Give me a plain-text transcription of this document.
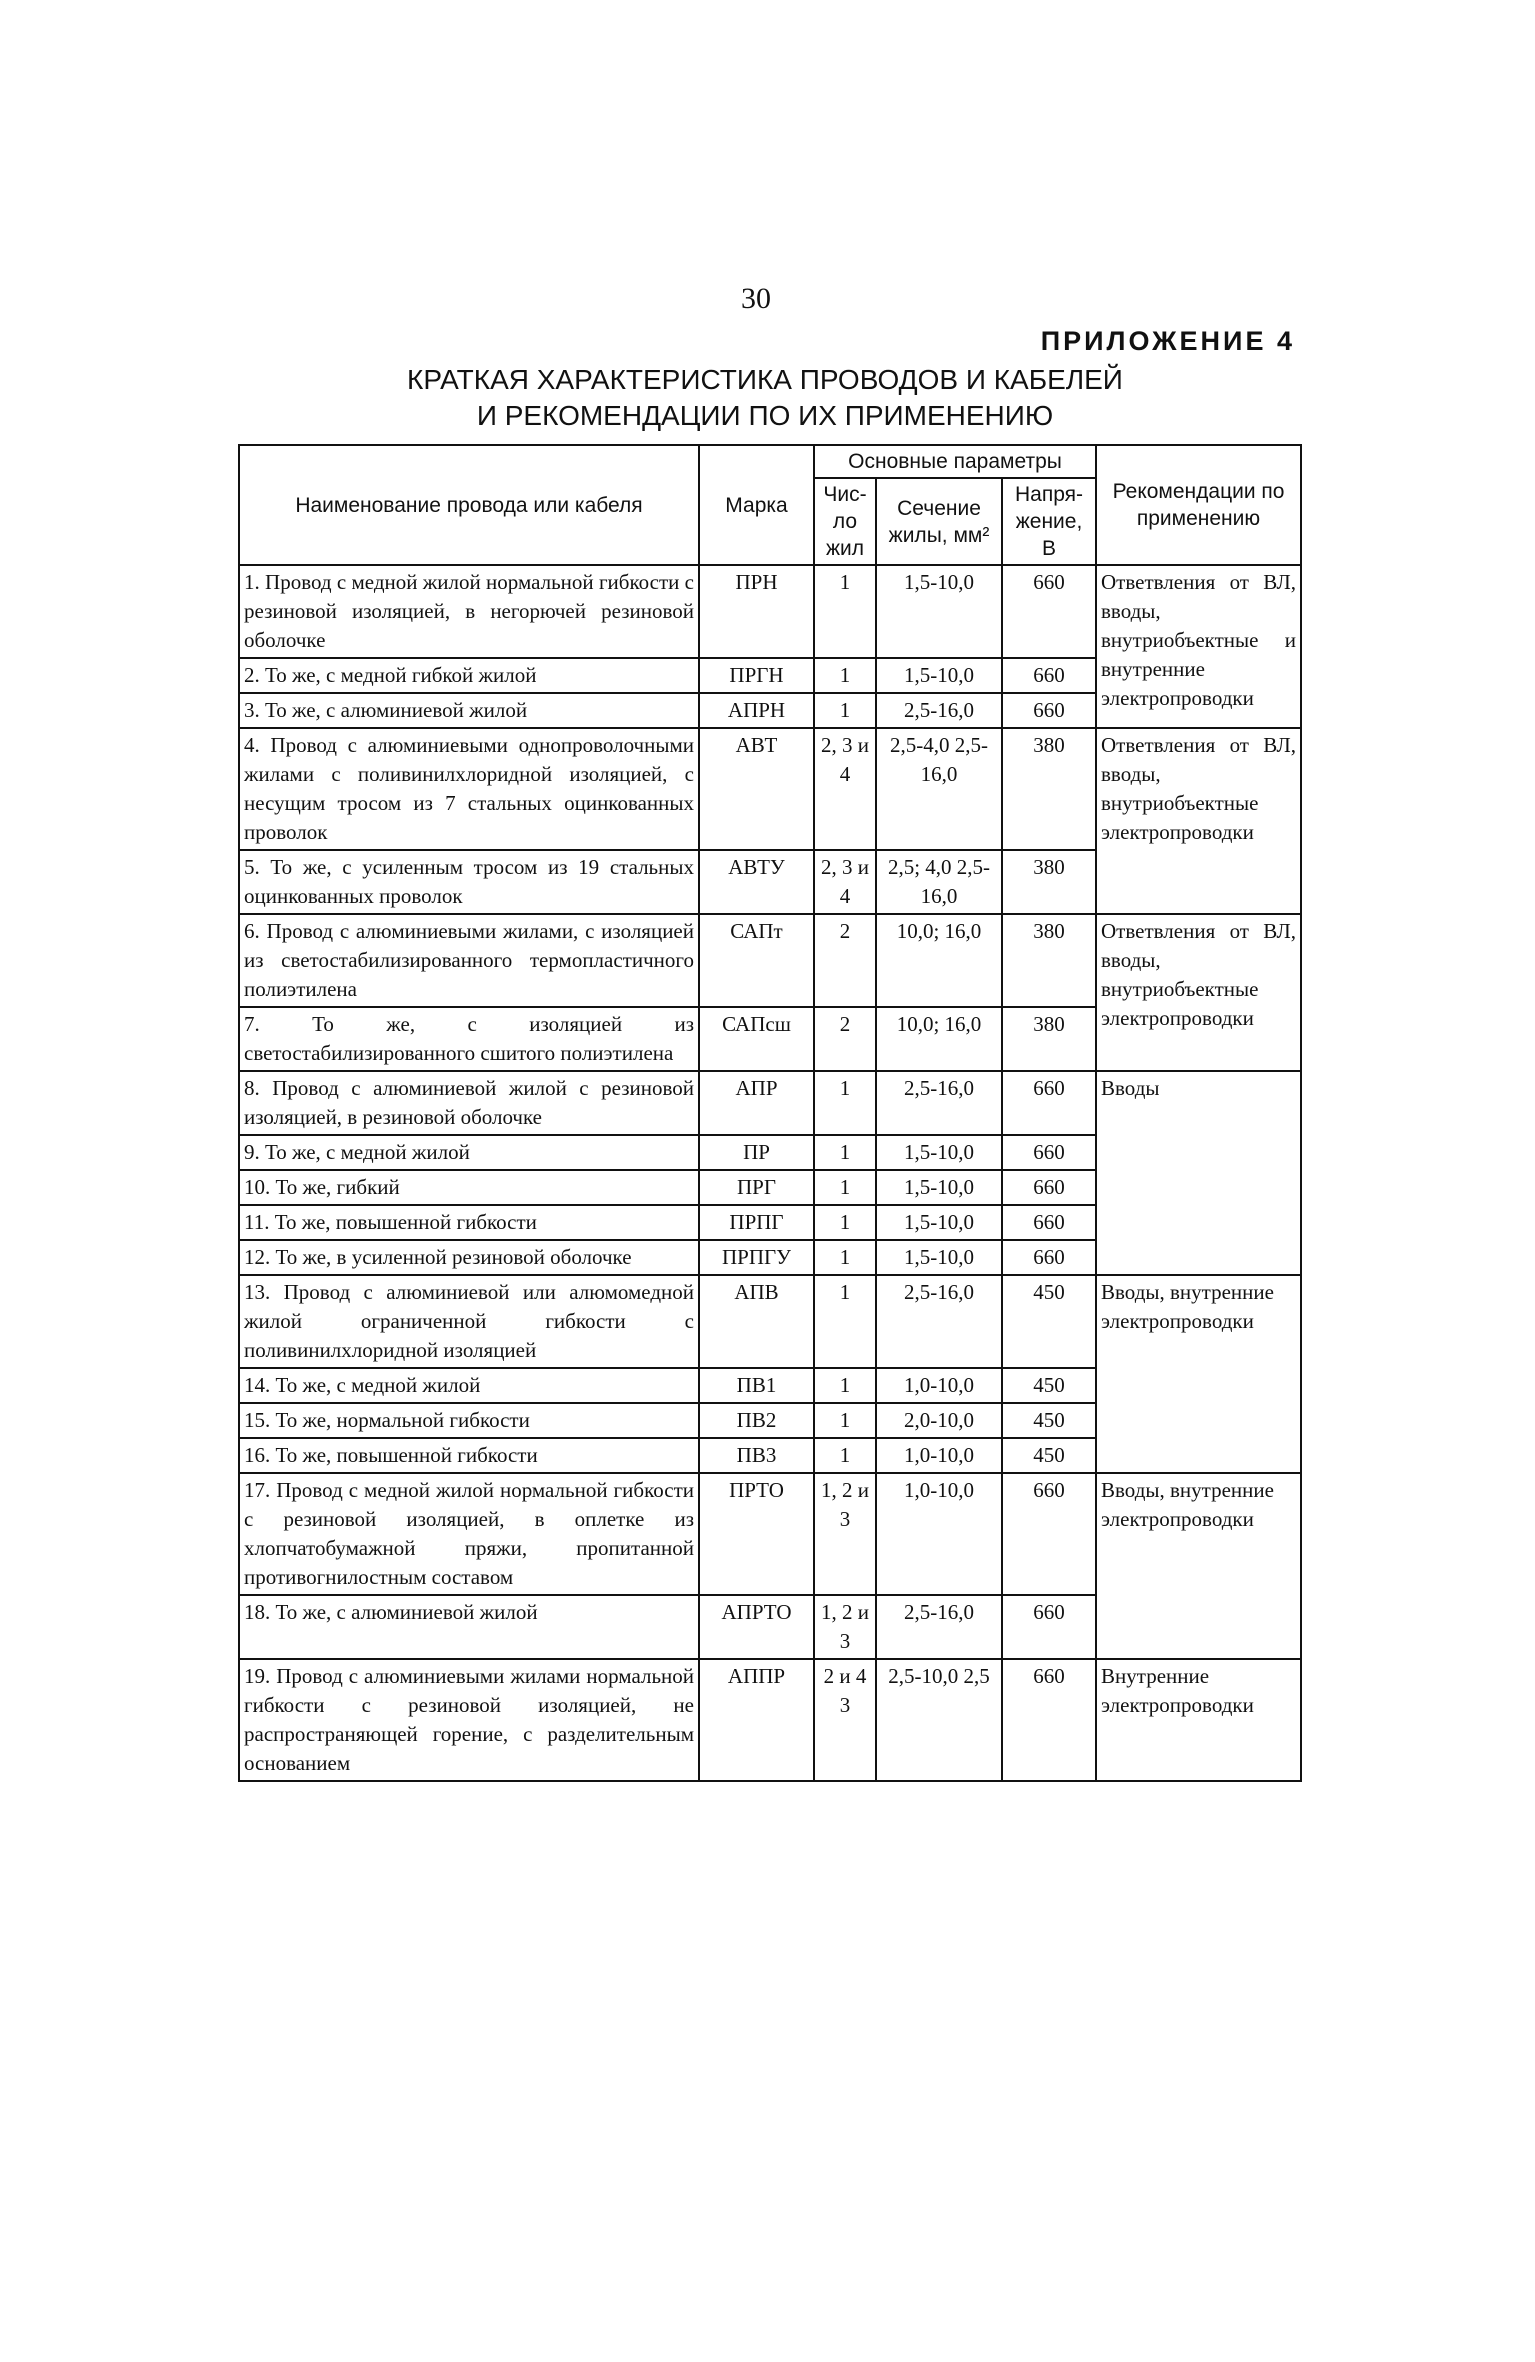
30
ПРИЛОЖЕНИЕ 4
КРАТКАЯ ХАРАКТЕРИСТИКА ПРОВОДОВ И КАБЕЛЕЙ
И РЕКОМЕНДАЦИИ ПО ИХ ПРИМЕНЕНИЮ
Наименование провода или кабеля	Марка	Основные параметры			Рекомендации по применению
		Чис-ло жил	Сечение жилы, мм²	Напря-жение, В	
1. Провод с медной жилой нормальной гибкости с резиновой изоляцией, в негорючей резиновой оболочке	ПРН	1	1,5-10,0	660	Ответвления от ВЛ, вводы, внутриобъектные и внутренние электропроводки
2. То же, с медной гибкой жилой	ПРГН	1	1,5-10,0	660	
3. То же, с алюминиевой жилой	АПРН	1	2,5-16,0	660	
4. Провод с алюминиевыми однопроволочными жилами с поливинилхлоридной изоляцией, с несущим тросом из 7 стальных оцинкованных проволок	АВТ	2, 3 и 4	2,5-4,0 2,5-16,0	380	Ответвления от ВЛ, вводы, внутриобъектные электропроводки
5. То же, с усиленным тросом из 19 стальных оцинкованных проволок	АВТУ	2, 3 и 4	2,5; 4,0 2,5-16,0	380	
6. Провод с алюминиевыми жилами, с изоляцией из светостабилизированного термопластичного полиэтилена	САПт	2	10,0; 16,0	380	Ответвления от ВЛ, вводы, внутриобъектные электропроводки
7. То же, с изоляцией из светостабилизированного сшитого полиэтилена	САПсш	2	10,0; 16,0	380	
8. Провод с алюминиевой жилой с резиновой изоляцией, в резиновой оболочке	АПР	1	2,5-16,0	660	Вводы
9. То же, с медной жилой	ПР	1	1,5-10,0	660	
10. То же, гибкий	ПРГ	1	1,5-10,0	660	
11. То же, повышенной гибкости	ПРПГ	1	1,5-10,0	660	
12. То же, в усиленной резиновой оболочке	ПРПГУ	1	1,5-10,0	660	
13. Провод с алюминиевой или алюмомедной жилой ограниченной гибкости с поливинилхлоридной изоляцией	АПВ	1	2,5-16,0	450	Вводы, внутренние электропроводки
14. То же, с медной жилой	ПВ1	1	1,0-10,0	450	
15. То же, нормальной гибкости	ПВ2	1	2,0-10,0	450	
16. То же, повышенной гибкости	ПВ3	1	1,0-10,0	450	
17. Провод с медной жилой нормальной гибкости с резиновой изоляцией, в оплетке из хлопчатобумажной пряжи, пропитанной противогнилостным составом	ПРТО	1, 2 и 3	1,0-10,0	660	Вводы, внутренние электропроводки
18. То же, с алюминиевой жилой	АПРТО	1, 2 и 3	2,5-16,0	660	
19. Провод с алюминиевыми жилами нормальной гибкости с резиновой изоляцией, не распространяющей горение, с разделительным основанием	АППР	2 и 4 3	2,5-10,0 2,5	660	Внутренние электропроводки
